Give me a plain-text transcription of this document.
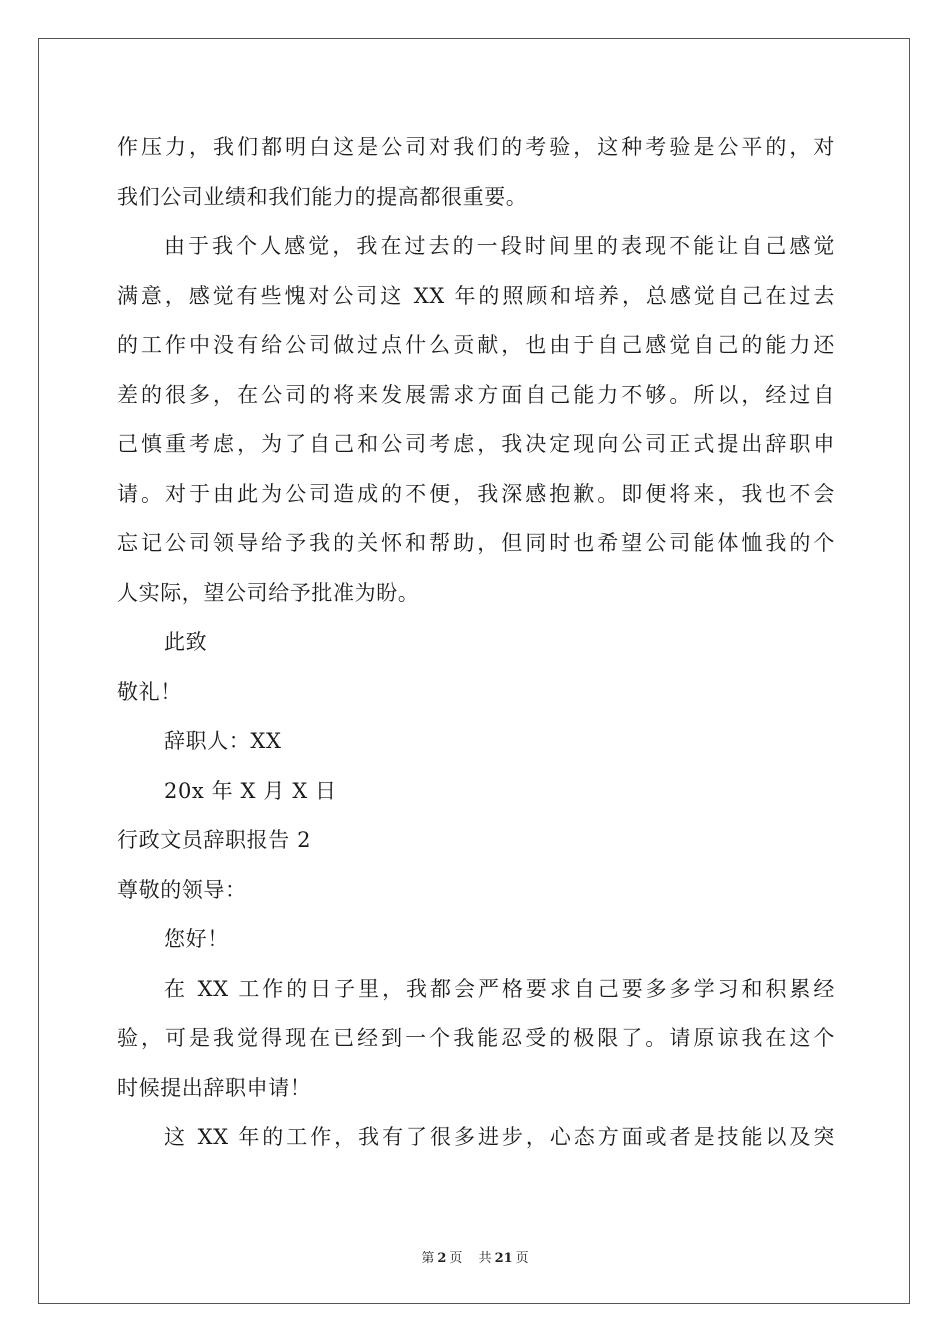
作压力，我们都明白这是公司对我们的考验，这种考验是公平的，对
我们公司业绩和我们能力的提高都很重要。
由于我个人感觉，我在过去的一段时间里的表现不能让自己感觉
满意，感觉有些愧对公司这 XX 年的照顾和培养，总感觉自己在过去
的工作中没有给公司做过点什么贡献，也由于自己感觉自己的能力还
差的很多，在公司的将来发展需求方面自己能力不够。所以，经过自
己慎重考虑，为了自己和公司考虑，我决定现向公司正式提出辞职申
请。对于由此为公司造成的不便，我深感抱歉。即便将来，我也不会
忘记公司领导给予我的关怀和帮助，但同时也希望公司能体恤我的个
人实际，望公司给予批准为盼。
此致
敬礼！
辞职人：XX
20x 年 X 月 X 日
行政文员辞职报告 2
尊敬的领导：
您好！
在 XX 工作的日子里，我都会严格要求自己要多多学习和积累经
验，可是我觉得现在已经到一个我能忍受的极限了。请原谅我在这个
时候提出辞职申请！
这 XX 年的工作，我有了很多进步，心态方面或者是技能以及突
第 2 页 共 21 页
